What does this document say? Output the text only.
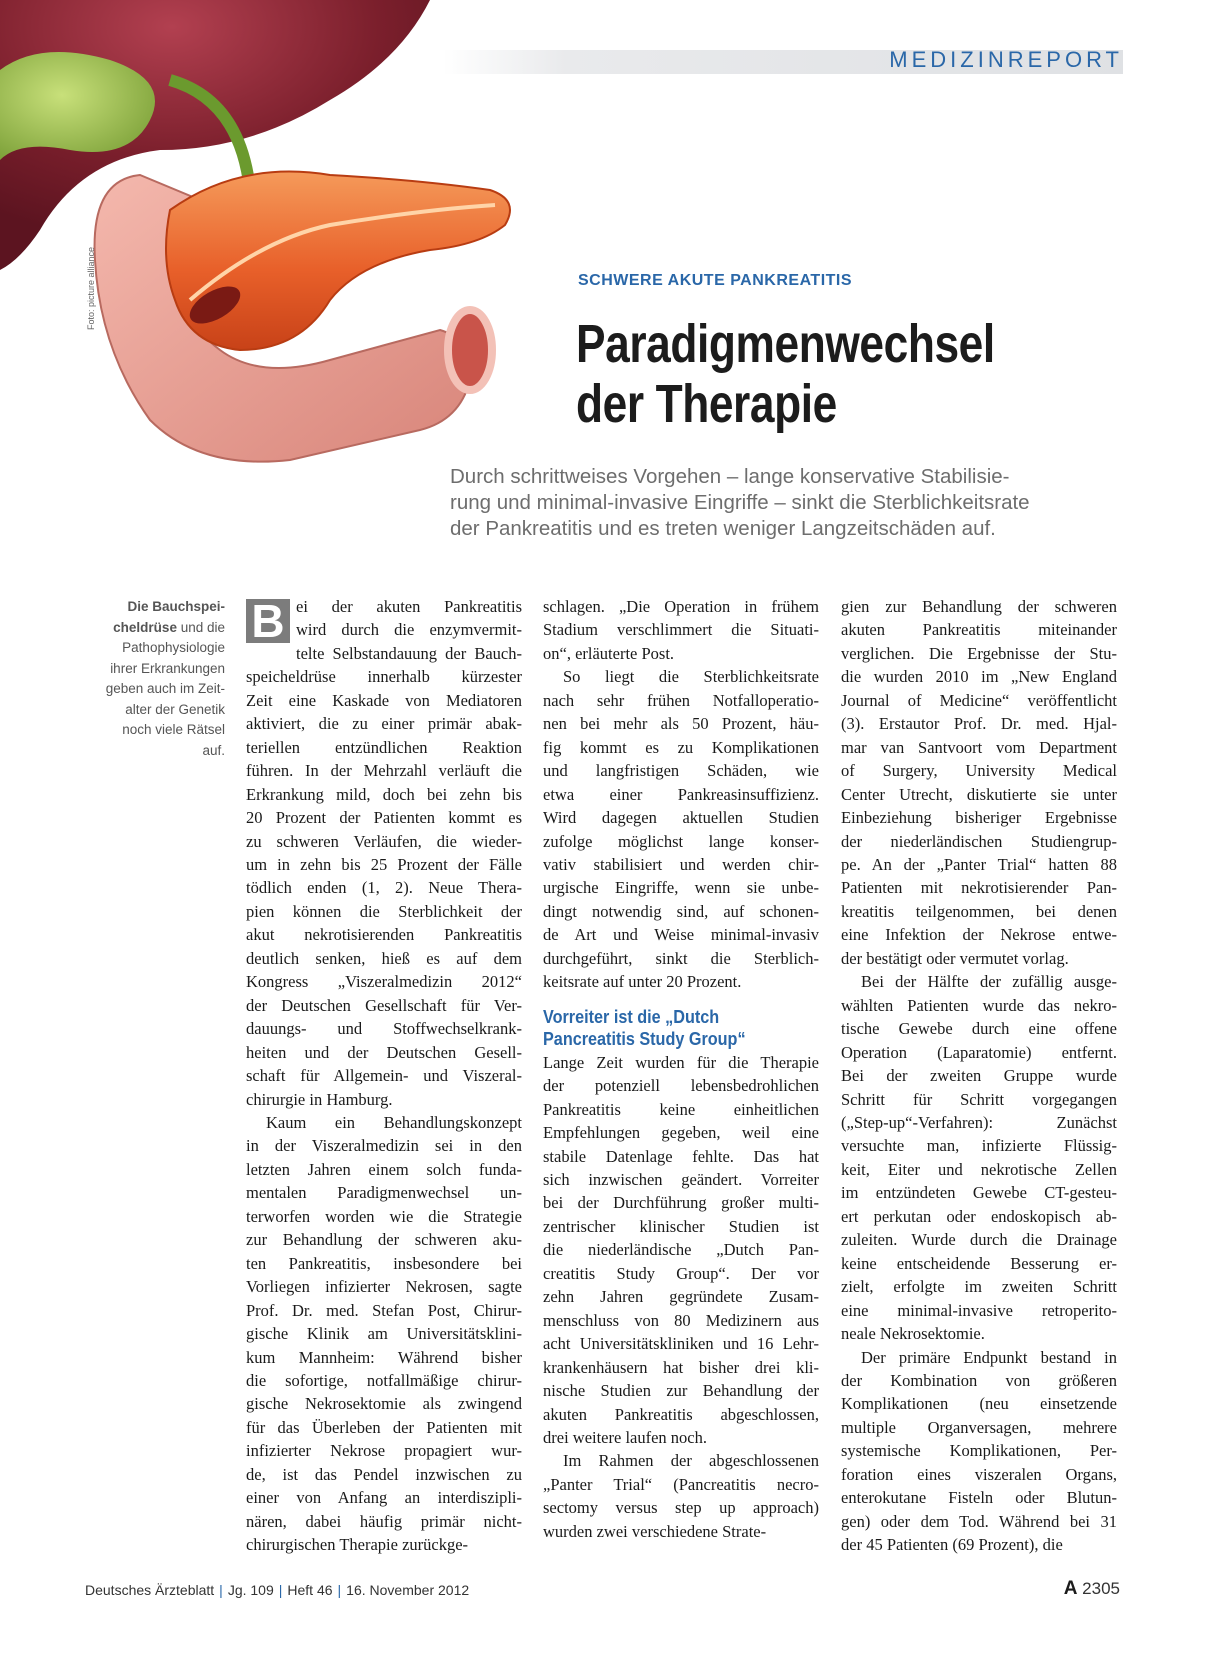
MEDIZINREPORT
Foto: picture alliance	SCHWERE AKUTE PANKREATITIS
Paradigmenwechsel
der Therapie

Durch schrittweises Vorgehen – lange konservative Stabilisie-
rung und minimal-invasive Eingriffe – sinkt die Sterblichkeitsrate
der Pankreatitis und es treten weniger Langzeitschäden auf.

Die Bauchspei-
cheldrüse und die
Pathophysiologie
ihrer Erkrankungen
geben auch im Zeit-
alter der Genetik
noch viele Rätsel
auf.
B ei der akuten Pankreatitis
wird durch die enzymvermit-
telte Selbstandauung der Bauch-
speicheldrüse innerhalb kürzester
Zeit eine Kaskade von Mediatoren
aktiviert, die zu einer primär abak-
teriellen entzündlichen Reaktion
führen. In der Mehrzahl verläuft die
Erkrankung mild, doch bei zehn bis
20 Prozent der Patienten kommt es
zu schweren Verläufen, die wieder-
um in zehn bis 25 Prozent der Fälle
tödlich enden (1, 2). Neue Thera-
pien können die Sterblichkeit der
akut nekrotisierenden Pankreatitis
deutlich senken, hieß es auf dem
Kongress „Viszeralmedizin 2012“
der Deutschen Gesellschaft für Ver-
dauungs- und Stoffwechselkrank-
heiten und der Deutschen Gesell-
schaft für Allgemein- und Viszeral-
chirurgie in Hamburg.
Kaum ein Behandlungskonzept
in der Viszeralmedizin sei in den
letzten Jahren einem solch funda-
mentalen Paradigmenwechsel un-
terworfen worden wie die Strategie
zur Behandlung der schweren aku-
ten Pankreatitis, insbesondere bei
Vorliegen infizierter Nekrosen, sagte
Prof. Dr. med. Stefan Post, Chirur-
gische Klinik am Universitätsklini-
kum Mannheim: Während bisher
die sofortige, notfallmäßige chirur-
gische Nekrosektomie als zwingend
für das Überleben der Patienten mit
infizierter Nekrose propagiert wur-
de, ist das Pendel inzwischen zu
einer von Anfang an interdiszipli-
nären, dabei häufig primär nicht-
chirurgischen Therapie zurückge-
schlagen. „Die Operation in frühem
Stadium verschlimmert die Situati-
on“, erläuterte Post.
So liegt die Sterblichkeitsrate
nach sehr frühen Notfalloperatio-
nen bei mehr als 50 Prozent, häu-
fig kommt es zu Komplikationen
und langfristigen Schäden, wie
etwa einer Pankreasinsuffizienz.
Wird dagegen aktuellen Studien
zufolge möglichst lange konser-
vativ stabilisiert und werden chir-
urgische Eingriffe, wenn sie unbe-
dingt notwendig sind, auf schonen-
de Art und Weise minimal-invasiv
durchgeführt, sinkt die Sterblich-
keitsrate auf unter 20 Prozent.
Vorreiter ist die „Dutch
Pancreatitis Study Group“
Lange Zeit wurden für die Therapie
der potenziell lebensbedrohlichen
Pankreatitis keine einheitlichen
Empfehlungen gegeben, weil eine
stabile Datenlage fehlte. Das hat
sich inzwischen geändert. Vorreiter
bei der Durchführung großer multi-
zentrischer klinischer Studien ist
die niederländische „Dutch Pan-
creatitis Study Group“. Der vor
zehn Jahren gegründete Zusam-
menschluss von 80 Medizinern aus
acht Universitätskliniken und 16 Lehr-
krankenhäusern hat bisher drei kli-
nische Studien zur Behandlung der
akuten Pankreatitis abgeschlossen,
drei weitere laufen noch.
Im Rahmen der abgeschlossenen
„Panter Trial“ (Pancreatitis necro-
sectomy versus step up approach)
wurden zwei verschiedene Strate-
gien zur Behandlung der schweren
akuten Pankreatitis miteinander
verglichen. Die Ergebnisse der Stu-
die wurden 2010 im „New England
Journal of Medicine“ veröffentlicht
(3). Erstautor Prof. Dr. med. Hjal-
mar van Santvoort vom Department
of Surgery, University Medical
Center Utrecht, diskutierte sie unter
Einbeziehung bisheriger Ergebnisse
der niederländischen Studiengrup-
pe. An der „Panter Trial“ hatten 88
Patienten mit nekrotisierender Pan-
kreatitis teilgenommen, bei denen
eine Infektion der Nekrose entwe-
der bestätigt oder vermutet vorlag.
Bei der Hälfte der zufällig ausge-
wählten Patienten wurde das nekro-
tische Gewebe durch eine offene
Operation (Laparatomie) entfernt.
Bei der zweiten Gruppe wurde
Schritt für Schritt vorgegangen
(„Step-up“-Verfahren): Zunächst
versuchte man, infizierte Flüssig-
keit, Eiter und nekrotische Zellen
im entzündeten Gewebe CT-gesteu-
ert perkutan oder endoskopisch ab-
zuleiten. Wurde durch die Drainage
keine entscheidende Besserung er-
zielt, erfolgte im zweiten Schritt
eine minimal-invasive retroperito-
neale Nekrosektomie.
Der primäre Endpunkt bestand in
der Kombination von größeren
Komplikationen (neu einsetzende
multiple Organversagen, mehrere
systemische Komplikationen, Per-
foration eines viszeralen Organs,
enterokutane Fisteln oder Blutun-
gen) oder dem Tod. Während bei 31
der 45 Patienten (69 Prozent), die
Deutsches Ärzteblatt | Jg. 109 | Heft 46 | 16. November 2012	A 2305
